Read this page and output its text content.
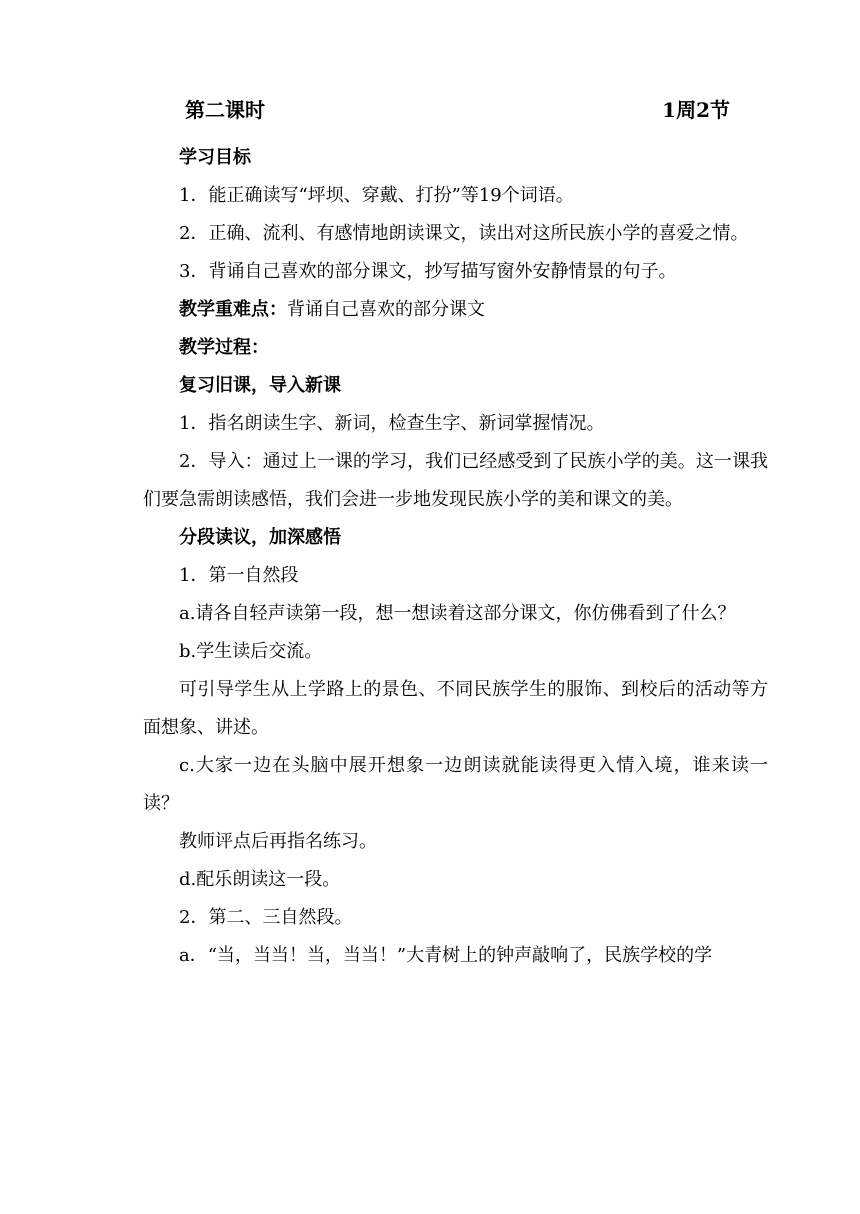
第二课时	1周2节

学习目标

1．能正确读写“坪坝、穿戴、打扮”等19个词语。

2．正确、流利、有感情地朗读课文，读出对这所民族小学的喜爱之情。

3．背诵自己喜欢的部分课文，抄写描写窗外安静情景的句子。

教学重难点：背诵自己喜欢的部分课文

教学过程：

复习旧课，导入新课

1．指名朗读生字、新词，检查生字、新词掌握情况。

2．导入：通过上一课的学习，我们已经感受到了民族小学的美。这一课我们要急需朗读感悟，我们会进一步地发现民族小学的美和课文的美。

分段读议，加深感悟

1．第一自然段

a.请各自轻声读第一段，想一想读着这部分课文，你仿佛看到了什么？

b.学生读后交流。

可引导学生从上学路上的景色、不同民族学生的服饰、到校后的活动等方面想象、讲述。

c.大家一边在头脑中展开想象一边朗读就能读得更入情入境，谁来读一读？

教师评点后再指名练习。

d.配乐朗读这一段。

2．第二、三自然段。

a．“当，当当！当，当当！”大青树上的钟声敲响了，民族学校的学
